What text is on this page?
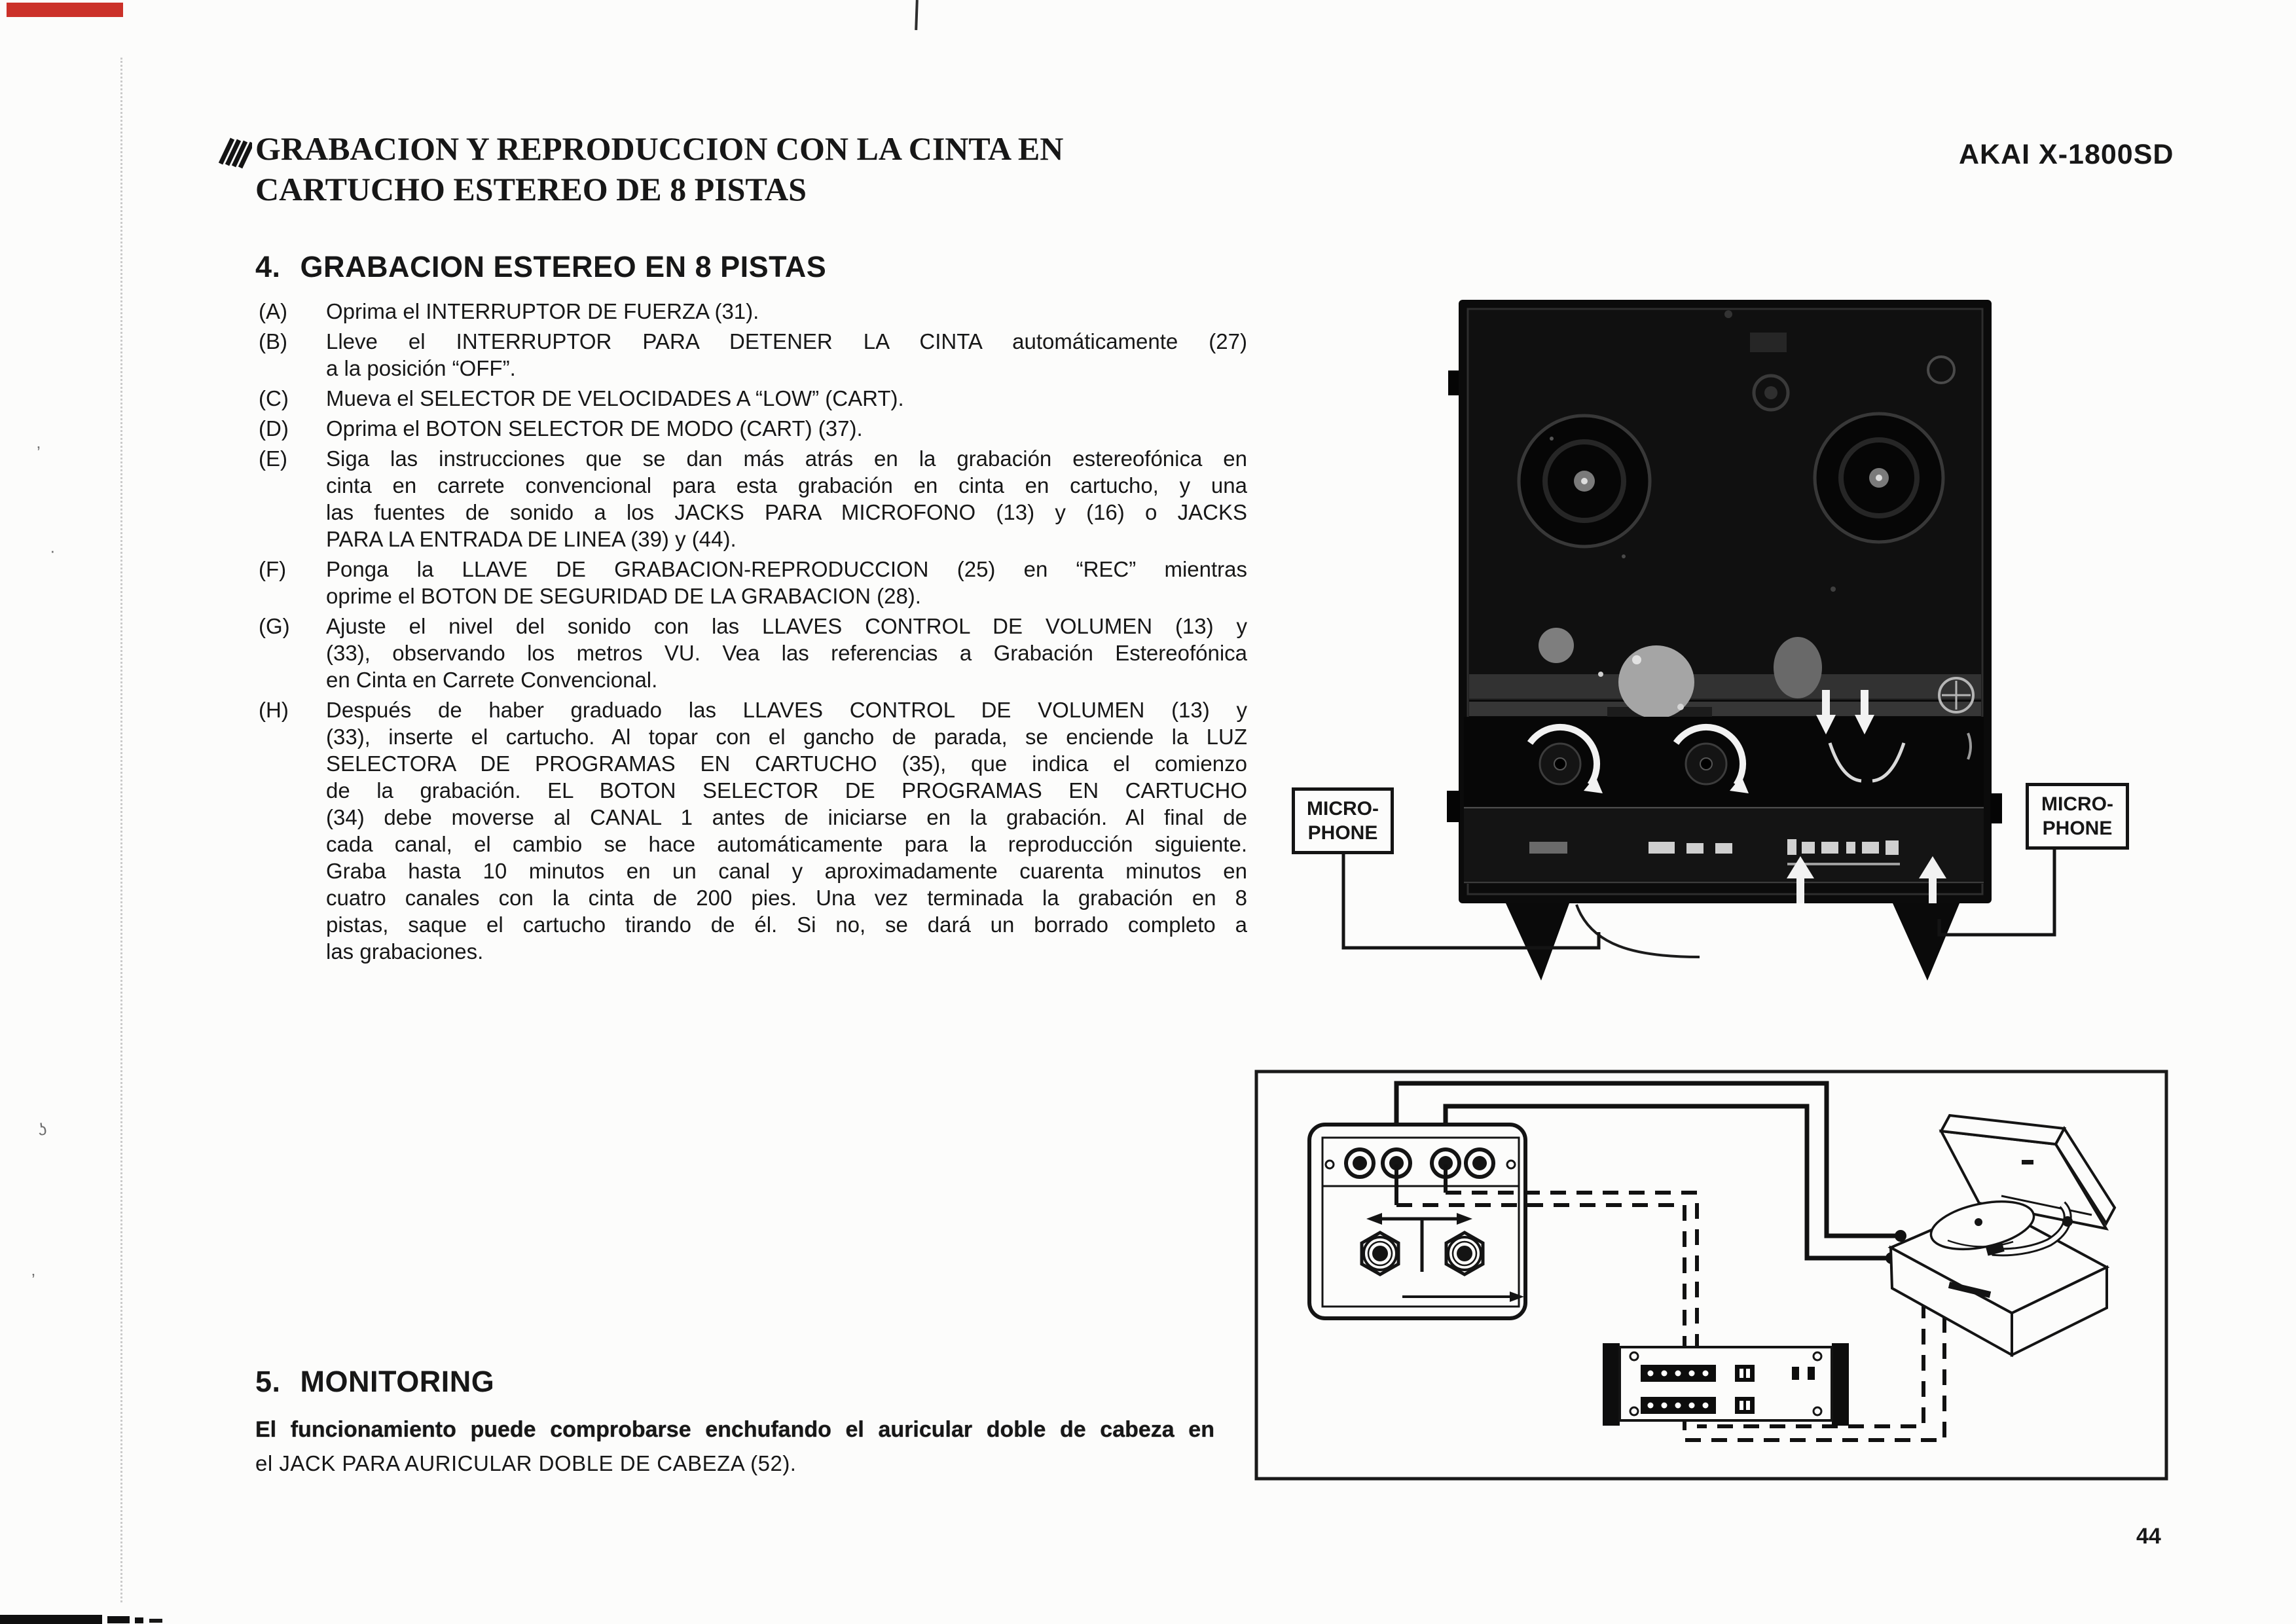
’
·
ʖ
’
GRABACION Y REPRODUCCION CON LA CINTA EN
CARTUCHO ESTEREO DE 8 PISTAS
AKAI X-1800SD
4. GRABACION ESTEREO EN 8 PISTAS
(A)	Oprima el INTERRUPTOR DE FUERZA (31).
(B)	Lleve el INTERRUPTOR PARA DETENER LA CINTA automáticamente (27)
a la posición “OFF”.
(C)	Mueva el SELECTOR DE VELOCIDADES A “LOW” (CART).
(D)	Oprima el BOTON SELECTOR DE MODO (CART) (37).
(E)	Siga las instrucciones que se dan más atrás en la grabación estereofónica en
cinta en carrete convencional para esta grabación en cinta en cartucho, y una
las fuentes de sonido a los JACKS PARA MICROFONO (13) y (16) o JACKS
PARA LA ENTRADA DE LINEA (39) y (44).
(F)	Ponga la LLAVE DE GRABACION-REPRODUCCION (25) en “REC” mientras
oprime el BOTON DE SEGURIDAD DE LA GRABACION (28).
(G)	Ajuste el nivel del sonido con las LLAVES CONTROL DE VOLUMEN (13) y
(33), observando los metros VU. Vea las referencias a Grabación Estereofónica
en Cinta en Carrete Convencional.
(H)	Después de haber graduado las LLAVES CONTROL DE VOLUMEN (13) y
(33), inserte el cartucho. Al topar con el gancho de parada, se enciende la LUZ
SELECTORA DE PROGRAMAS EN CARTUCHO (35), que indica el comienzo
de la grabación. EL BOTON SELECTOR DE PROGRAMAS EN CARTUCHO
(34) debe moverse al CANAL 1 antes de iniciarse en la grabación. Al final de
cada canal, el cambio se hace automáticamente para la reproducción siguiente.
Graba hasta 10 minutos en un canal y aproximadamente cuarenta minutos en
cuatro canales con la cinta de 200 pies. Una vez terminada la grabación en 8
pistas, saque el cartucho tirando de él. Si no, se dará un borrado completo a
las grabaciones.
MICRO-
PHONE
MICRO-
PHONE
5. MONITORING
El funcionamiento puede comprobarse enchufando el auricular doble de cabeza en
el JACK PARA AURICULAR DOBLE DE CABEZA (52).
44
